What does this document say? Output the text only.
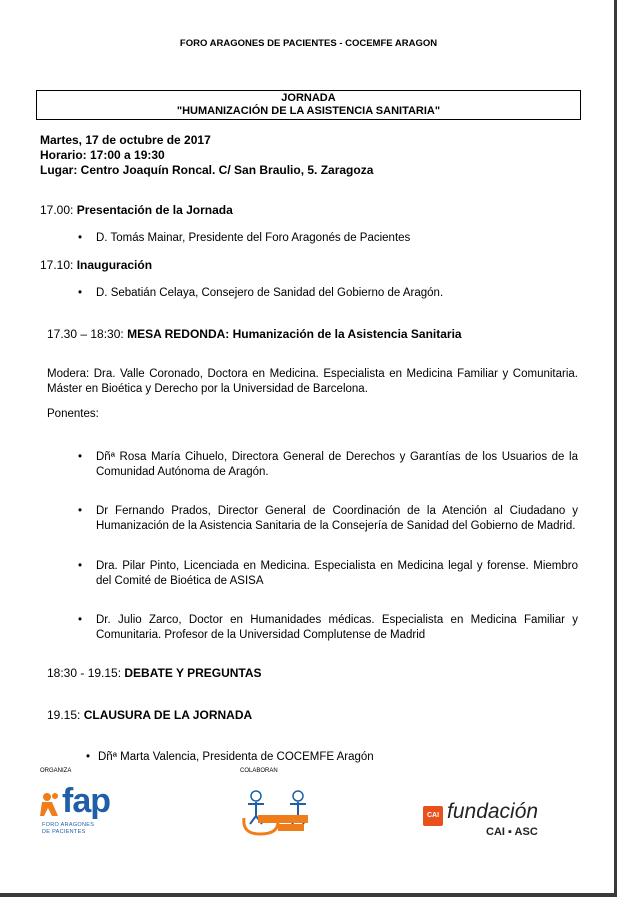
FORO ARAGONES DE PACIENTES - COCEMFE ARAGON
JORNADA
"HUMANIZACIÓN DE LA ASISTENCIA SANITARIA"
Martes, 17 de octubre de 2017
Horario: 17:00 a 19:30
Lugar: Centro Joaquín Roncal. C/ San Braulio, 5. Zaragoza
17.00: Presentación de la Jornada
• D. Tomás Mainar, Presidente del Foro Aragonés de Pacientes
17.10: Inauguración
• D. Sebatián Celaya, Consejero de Sanidad del Gobierno de Aragón.
17.30 – 18:30: MESA REDONDA: Humanización de la Asistencia Sanitaria
Modera: Dra. Valle Coronado, Doctora en Medicina. Especialista en Medicina Familiar y Comunitaria. Máster en Bioética y Derecho por la Universidad de Barcelona.
Ponentes:
• Dñª Rosa María Cihuelo, Directora General de Derechos y Garantías de los Usuarios de la Comunidad Autónoma de Aragón.
• Dr Fernando Prados, Director General de Coordinación de la Atención al Ciudadano y Humanización de la Asistencia Sanitaria de la Consejería de Sanidad del Gobierno de Madrid.
• Dra. Pilar Pinto, Licenciada en Medicina. Especialista en Medicina legal y forense. Miembro del Comité de Bioética de ASISA
• Dr. Julio Zarco, Doctor en Humanidades médicas. Especialista en Medicina Familiar y Comunitaria. Profesor de la Universidad Complutense de Madrid
18:30 - 19.15: DEBATE Y PREGUNTAS
19.15: CLAUSURA DE LA JORNADA
• Dñª Marta Valencia, Presidenta de COCEMFE Aragón
ORGANIZA	COLABORAN
fap
FORO ARAGONES
DE PACIENTES
CAI fundación
CAI ▪ ASC
